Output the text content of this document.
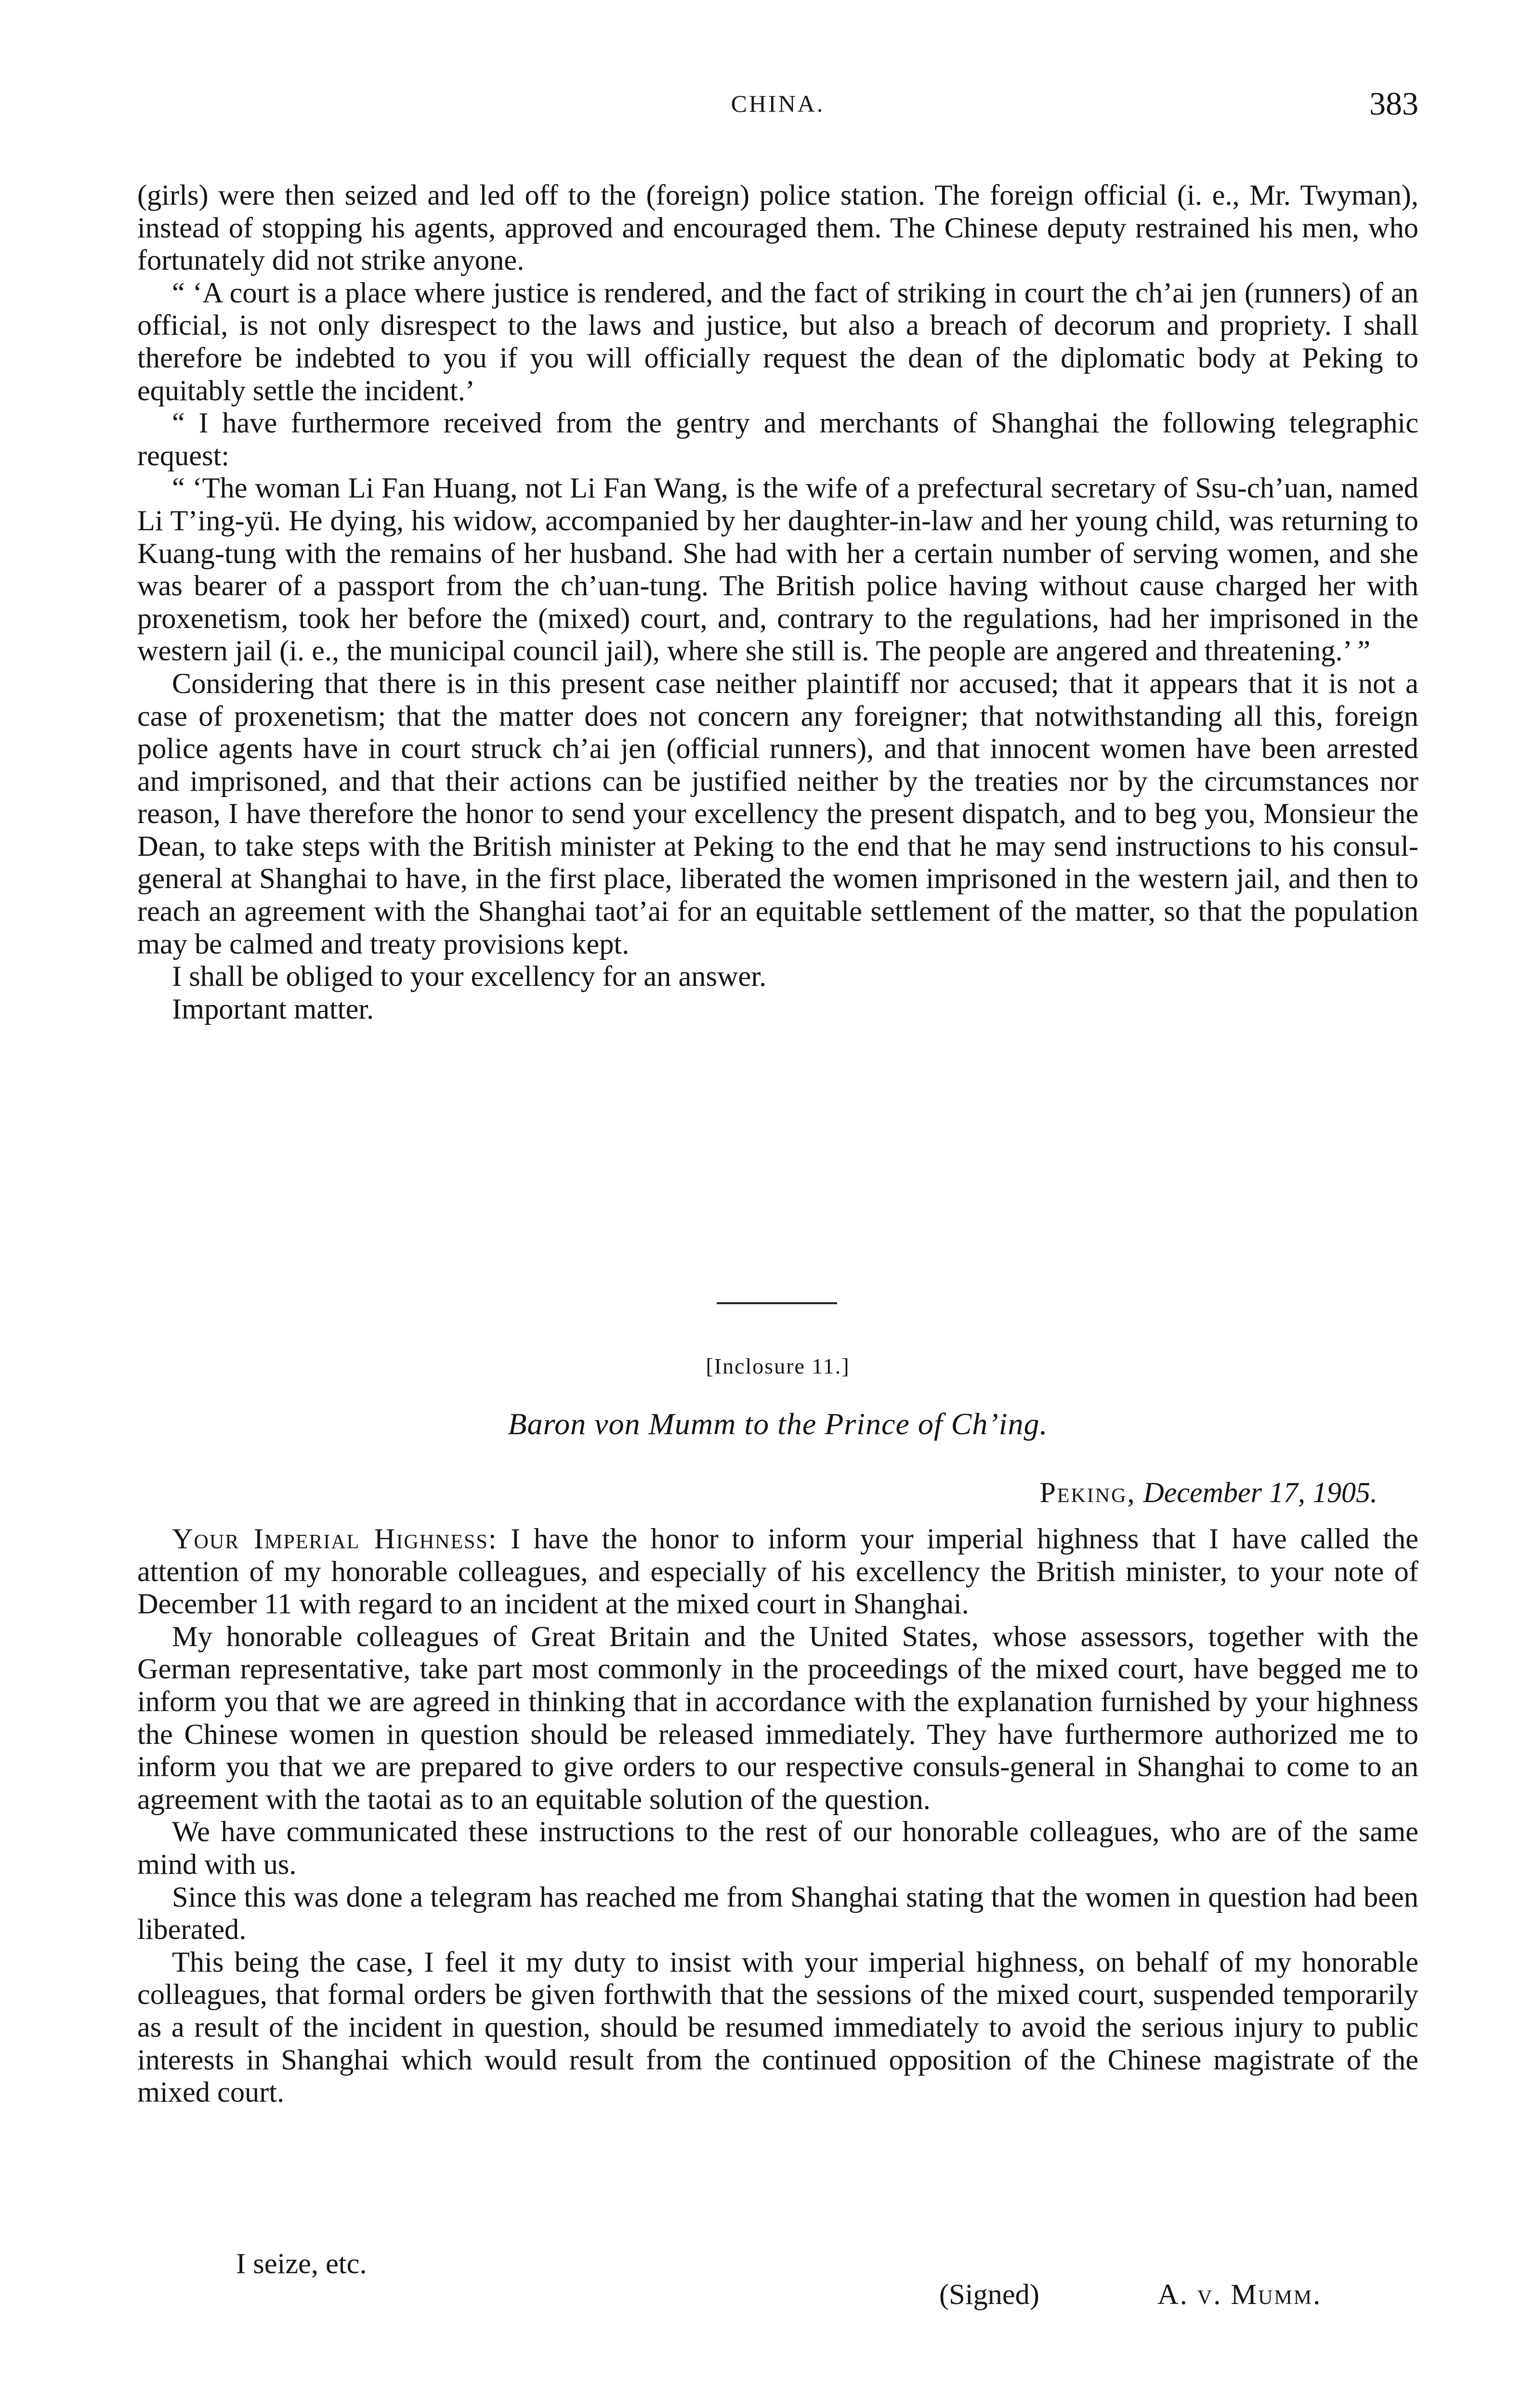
CHINA.	383

(girls) were then seized and led off to the (foreign) police station. The foreign official (i. e., Mr. Twyman), instead of stopping his agents, approved and encouraged them. The Chinese deputy restrained his men, who fortunately did not strike anyone.

“ ‘A court is a place where justice is rendered, and the fact of striking in court the ch’ai jen (runners) of an official, is not only disrespect to the laws and justice, but also a breach of decorum and propriety. I shall therefore be indebted to you if you will officially request the dean of the diplomatic body at Peking to equitably settle the incident.’

“ I have furthermore received from the gentry and merchants of Shanghai the following telegraphic request:

“ ‘The woman Li Fan Huang, not Li Fan Wang, is the wife of a prefectural secretary of Ssu-ch’uan, named Li T’ing-yü. He dying, his widow, accompanied by her daughter-in-law and her young child, was returning to Kuang-tung with the remains of her husband. She had with her a certain number of serving women, and she was bearer of a passport from the ch’uan-tung. The British police having without cause charged her with proxenetism, took her before the (mixed) court, and, contrary to the regulations, had her imprisoned in the western jail (i. e., the municipal council jail), where she still is. The people are angered and threatening.’ ”

Considering that there is in this present case neither plaintiff nor accused; that it appears that it is not a case of proxenetism; that the matter does not concern any foreigner; that notwithstanding all this, foreign police agents have in court struck ch’ai jen (official runners), and that innocent women have been arrested and imprisoned, and that their actions can be justified neither by the treaties nor by the circumstances nor reason, I have therefore the honor to send your excellency the present dispatch, and to beg you, Monsieur the Dean, to take steps with the British minister at Peking to the end that he may send instructions to his consul-general at Shanghai to have, in the first place, liberated the women imprisoned in the western jail, and then to reach an agreement with the Shanghai taot’ai for an equitable settlement of the matter, so that the population may be calmed and treaty provisions kept.

I shall be obliged to your excellency for an answer.

Important matter.

[Inclosure 11.]
Baron von Mumm to the Prince of Ch’ing.
Peking, December 17, 1905.

Your Imperial Highness: I have the honor to inform your imperial highness that I have called the attention of my honorable colleagues, and especially of his excellency the British minister, to your note of December 11 with regard to an incident at the mixed court in Shanghai.

My honorable colleagues of Great Britain and the United States, whose assessors, together with the German representative, take part most commonly in the proceedings of the mixed court, have begged me to inform you that we are agreed in thinking that in accordance with the explanation furnished by your highness the Chinese women in question should be released immediately. They have furthermore authorized me to inform you that we are prepared to give orders to our respective consuls-general in Shanghai to come to an agreement with the taotai as to an equitable solution of the question.

We have communicated these instructions to the rest of our honorable colleagues, who are of the same mind with us.

Since this was done a telegram has reached me from Shanghai stating that the women in question had been liberated.

This being the case, I feel it my duty to insist with your imperial highness, on behalf of my honorable colleagues, that formal orders be given forthwith that the sessions of the mixed court, suspended temporarily as a result of the incident in question, should be resumed immediately to avoid the serious injury to public interests in Shanghai which would result from the continued opposition of the Chinese magistrate of the mixed court.

I seize, etc.
(Signed)	A. v. Mumm.
